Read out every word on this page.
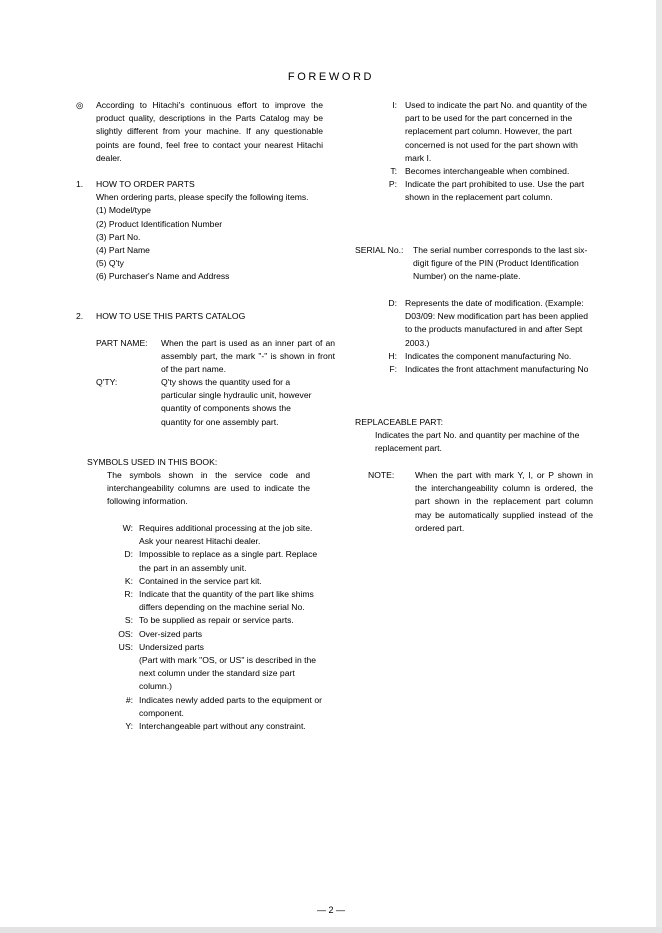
FOREWORD
◎	According to Hitachi's continuous effort to improve the product quality, descriptions in the Parts Catalog may be slightly different from your machine. If any questionable points are found, feel free to contact your nearest Hitachi dealer.
1.	HOW TO ORDER PARTS

When ordering parts, please specify the following items.

(1) Model/type

(2) Product Identification Number

(3) Part No.

(4) Part Name

(5) Q'ty

(6) Purchaser's Name and Address

2.	HOW TO USE THIS PARTS CATALOG
PART NAME:	When the part is used as an inner part of an assembly part, the mark "-" is shown in front of the part name.
Q'TY:	Q'ty shows the quantity used for a particular single hydraulic unit, however quantity of components shows the quantity for one assembly part.
SYMBOLS USED IN THIS BOOK:
The symbols shown in the service code and interchangeability columns are used to indicate the following information.
W: Requires additional processing at the job site. Ask your nearest Hitachi dealer.
D: Impossible to replace as a single part. Replace the part in an assembly unit.
K: Contained in the service part kit.
R: Indicate that the quantity of the part like shims differs depending on the machine serial No.
S: To be supplied as repair or service parts.
OS: Over-sized parts
US: Undersized parts
(Part with mark "OS, or US" is described in the next column under the standard size part column.)
#: Indicates newly added parts to the equipment or component.
Y: Interchangeable part without any constraint.
I: Used to indicate the part No. and quantity of the part to be used for the part concerned in the replacement part column. However, the part concerned is not used for the part shown with mark I.
T: Becomes interchangeable when combined.
P: Indicate the part prohibited to use. Use the part shown in the replacement part column.
SERIAL No.:	The serial number corresponds to the last six-digit figure of the PIN (Product Identification Number) on the name-plate.
D: Represents the date of modification. (Example: D03/09: New modification part has been applied to the products manufactured in and after Sept 2003.)
H: Indicates the component manufacturing No.
F: Indicates the front attachment manufacturing No
REPLACEABLE PART:
Indicates the part No. and quantity per machine of the replacement part.
NOTE:	When the part with mark Y, I, or P shown in the interchangeability column is ordered, the part shown in the replacement part column may be automatically supplied instead of the ordered part.
— 2 —
